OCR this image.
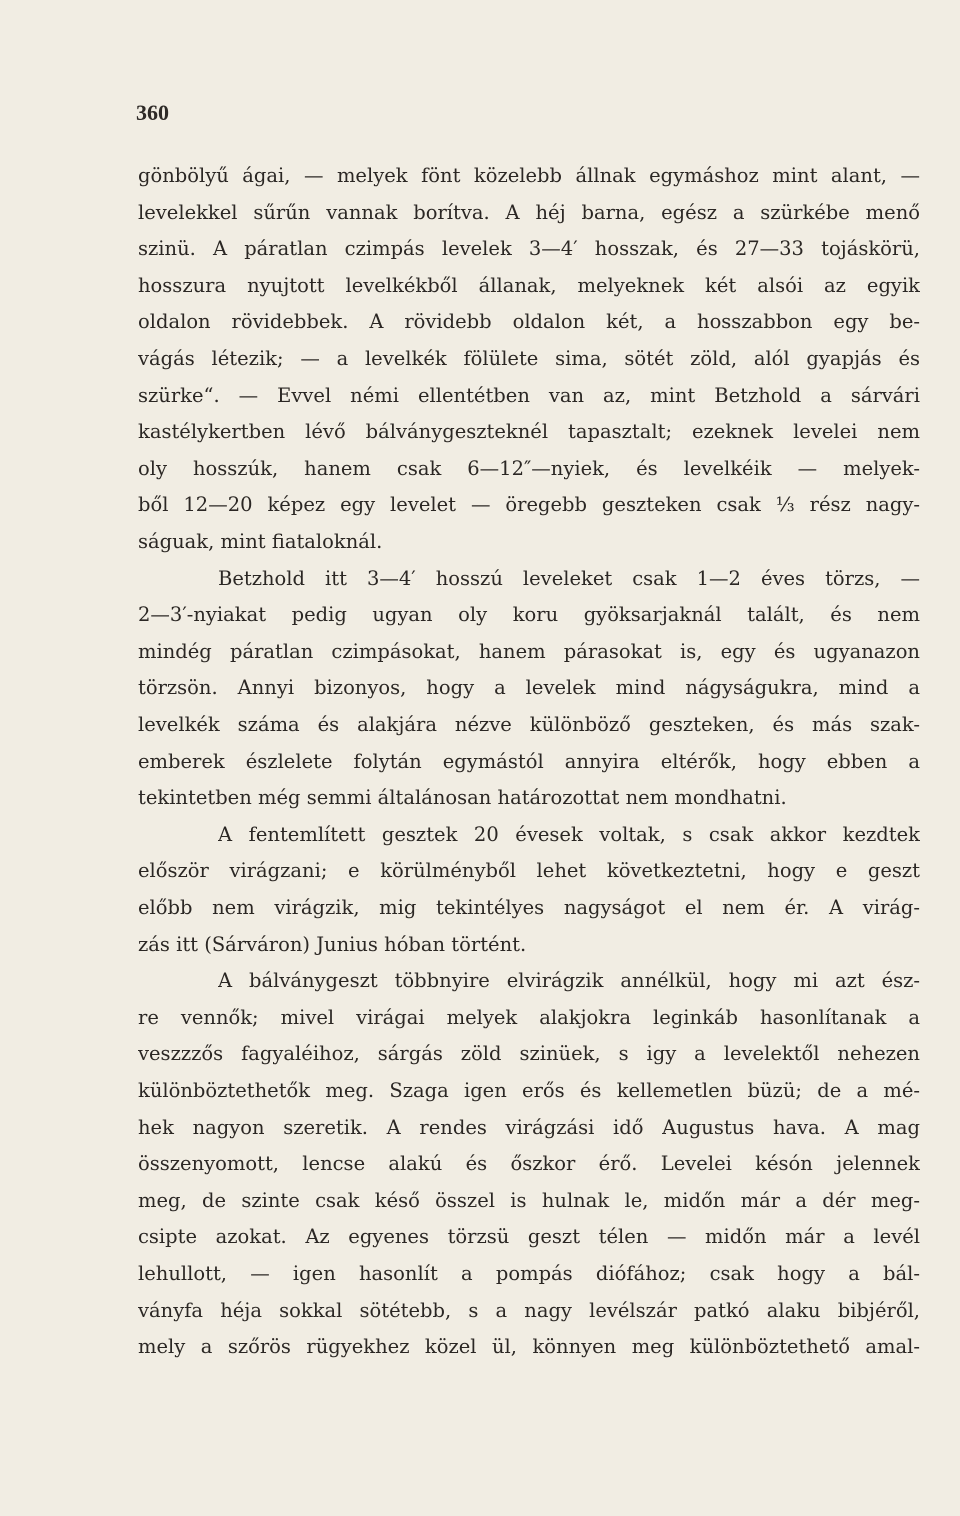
360
gönbölyű ágai, — melyek fönt közelebb állnak egymáshoz mint alant, —
levelekkel sűrűn vannak borítva. A héj barna, egész a szürkébe menő
szinü. A páratlan czimpás levelek 3—4′ hosszak, és 27—33 tojáskörü,
hosszura nyujtott levelkékből állanak, melyeknek két alsói az egyik
oldalon rövidebbek. A rövidebb oldalon két, a hosszabbon egy be-
vágás létezik; — a levelkék fölülete sima, sötét zöld, alól gyapjás és
szürke“. — Evvel némi ellentétben van az, mint Betzhold a sárvári
kastélykertben lévő bálványgeszteknél tapasztalt; ezeknek levelei nem
oly hosszúk, hanem csak 6—12″—nyiek, és levelkéik — melyek-
ből 12—20 képez egy levelet — öregebb geszteken csak ⅓ rész nagy-
ságuak, mint fiataloknál.
Betzhold itt 3—4′ hosszú leveleket csak 1—2 éves törzs, —
2—3′-nyiakat pedig ugyan oly koru gyöksarjaknál talált, és nem
mindég páratlan czimpásokat, hanem párasokat is, egy és ugyanazon
törzsön. Annyi bizonyos, hogy a levelek mind nágyságukra, mind a
levelkék száma és alakjára nézve különböző geszteken, és más szak-
emberek észlelete folytán egymástól annyira eltérők, hogy ebben a
tekintetben még semmi általánosan határozottat nem mondhatni.
A fentemlített gesztek 20 évesek voltak, s csak akkor kezdtek
először virágzani; e körülményből lehet következtetni, hogy e geszt
előbb nem virágzik, mig tekintélyes nagyságot el nem ér. A virág-
zás itt (Sárváron) Junius hóban történt.
A bálványgeszt többnyire elvirágzik annélkül, hogy mi azt ész-
re vennők; mivel virágai melyek alakjokra leginkáb hasonlítanak a
veszzzős fagyaléihoz, sárgás zöld szinüek, s igy a levelektől nehezen
különböztethetők meg. Szaga igen erős és kellemetlen büzü; de a mé-
hek nagyon szeretik. A rendes virágzási idő Augustus hava. A mag
összenyomott, lencse alakú és őszkor érő. Levelei késón jelennek
meg, de szinte csak késő összel is hulnak le, midőn már a dér meg-
csipte azokat. Az egyenes törzsü geszt télen — midőn már a levél
lehullott, — igen hasonlít a pompás diófához; csak hogy a bál-
ványfa héja sokkal sötétebb, s a nagy levélszár patkó alaku bibjéről,
mely a szőrös rügyekhez közel ül, könnyen meg különböztethető amal-
